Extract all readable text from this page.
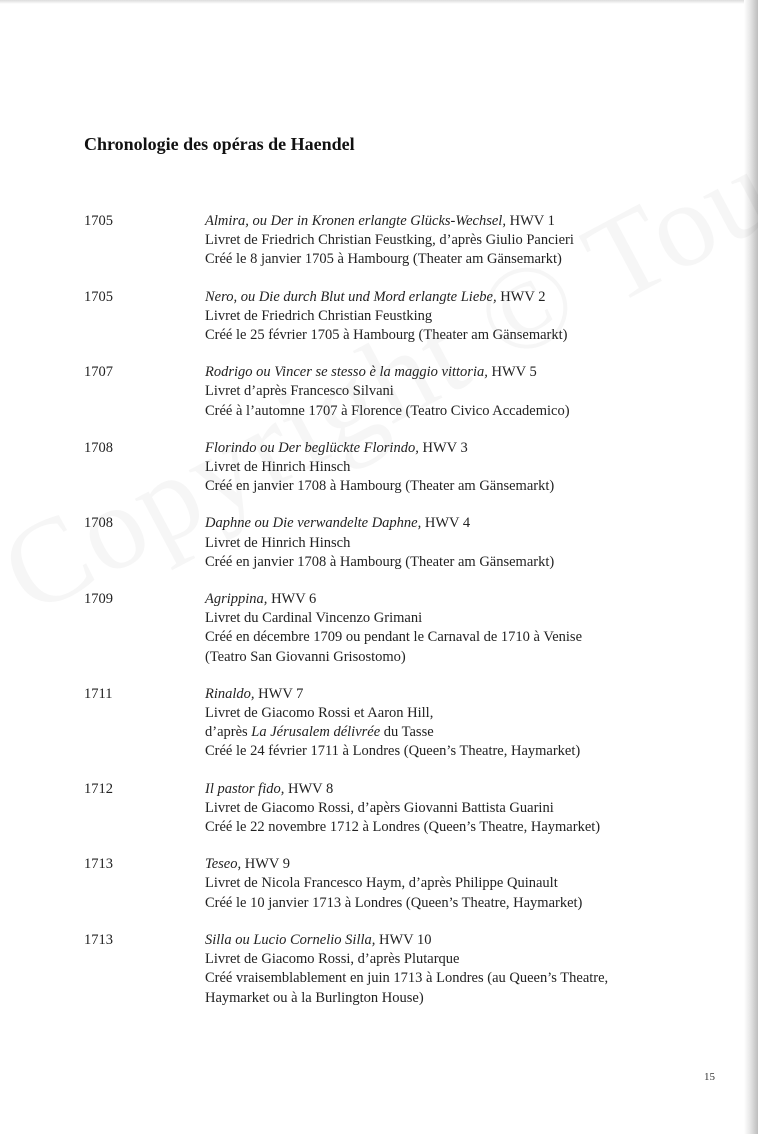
Chronologie des opéras de Haendel
1705	Almira, ou Der in Kronen erlangte Glücks-Wechsel, HWV 1
Livret de Friedrich Christian Feustking, d’après Giulio Pancieri
Créé le 8 janvier 1705 à Hambourg (Theater am Gänsemarkt)
1705	Nero, ou Die durch Blut und Mord erlangte Liebe, HWV 2
Livret de Friedrich Christian Feustking
Créé le 25 février 1705 à Hambourg (Theater am Gänsemarkt)
1707	Rodrigo ou Vincer se stesso è la maggio vittoria, HWV 5
Livret d’après Francesco Silvani
Créé à l’automne 1707 à Florence (Teatro Civico Accademico)
1708	Florindo ou Der beglückte Florindo, HWV 3
Livret de Hinrich Hinsch
Créé en janvier 1708 à Hambourg (Theater am Gänsemarkt)
1708	Daphne ou Die verwandelte Daphne, HWV 4
Livret de Hinrich Hinsch
Créé en janvier 1708 à Hambourg (Theater am Gänsemarkt)
1709	Agrippina, HWV 6
Livret du Cardinal Vincenzo Grimani
Créé en décembre 1709 ou pendant le Carnaval de 1710 à Venise
(Teatro San Giovanni Grisostomo)
1711	Rinaldo, HWV 7
Livret de Giacomo Rossi et Aaron Hill,
d’après La Jérusalem délivrée du Tasse
Créé le 24 février 1711 à Londres (Queen’s Theatre, Haymarket)
1712	Il pastor fido, HWV 8
Livret de Giacomo Rossi, d’apèrs Giovanni Battista Guarini
Créé le 22 novembre 1712 à Londres (Queen’s Theatre, Haymarket)
1713	Teseo, HWV 9
Livret de Nicola Francesco Haym, d’après Philippe Quinault
Créé le 10 janvier 1713 à Londres (Queen’s Theatre, Haymarket)
1713	Silla ou Lucio Cornelio Silla, HWV 10
Livret de Giacomo Rossi, d’après Plutarque
Créé vraisemblablement en juin 1713 à Londres (au Queen’s Theatre,
Haymarket ou à la Burlington House)
15
